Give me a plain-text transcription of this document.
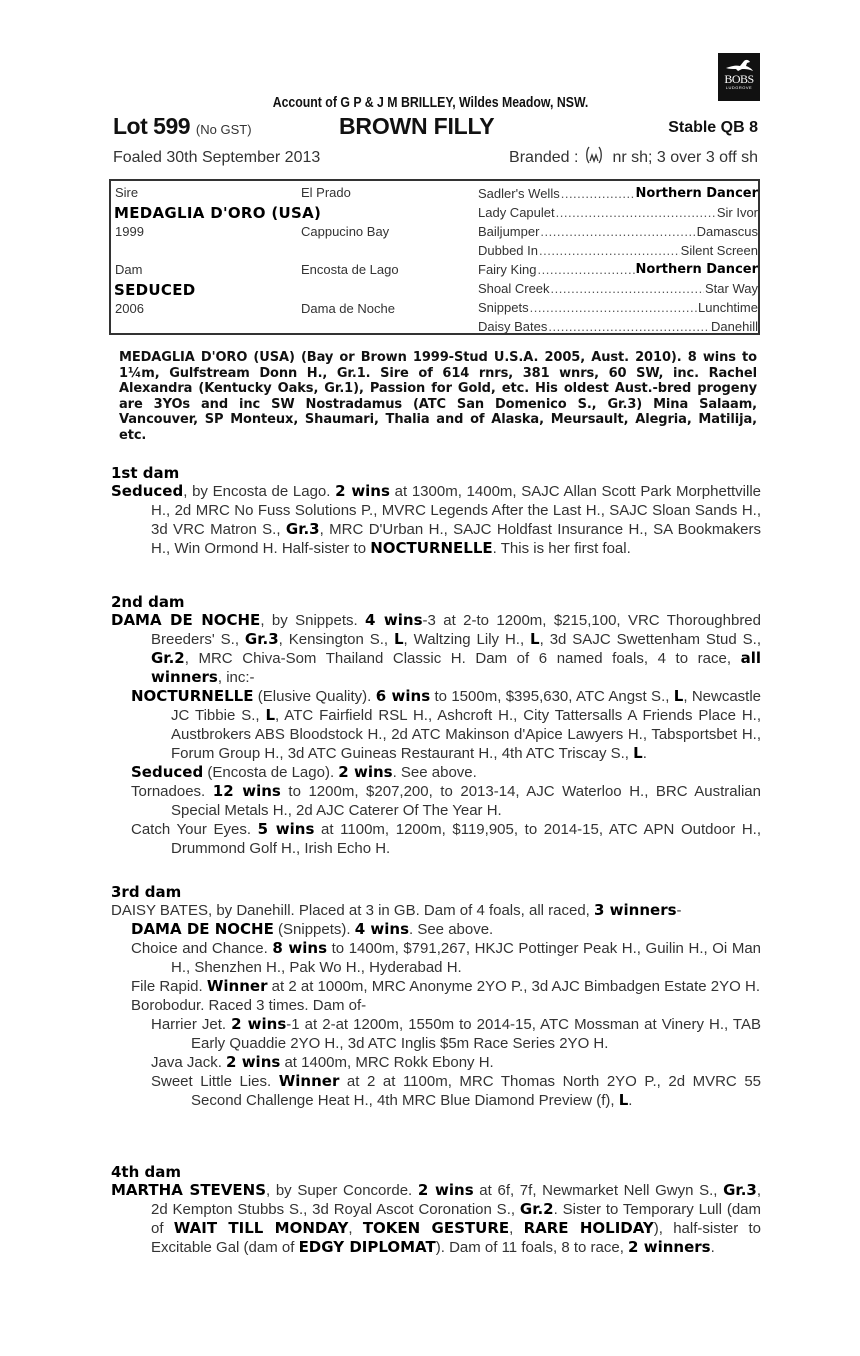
BOBS
LUDGROVE
Account of G P & J M BRILLEY, Wildes Meadow, NSW.
Lot 599 (No GST)	BROWN FILLY	Stable QB 8
Foaled 30th September 2013	Branded : nr sh; 3 over 3 off sh
Sire	El Prado
MEDAGLIA D'ORO (USA)
1999	Cappucino Bay
Dam	Encosta de Lago
SEDUCED
2006	Dama de Noche
Sadler's Wells .....	Northern Dancer
Lady Capulet .....	Sir Ivor
Bailjumper .....	Damascus
Dubbed In .....	Silent Screen
Fairy King .....	Northern Dancer
Shoal Creek .....	Star Way
Snippets .....	Lunchtime
Daisy Bates .....	Danehill
MEDAGLIA D'ORO (USA) (Bay or Brown 1999-Stud U.S.A. 2005, Aust. 2010). 8 wins to 1¼m, Gulfstream Donn H., Gr.1. Sire of 614 rnrs, 381 wnrs, 60 SW, inc. Rachel Alexandra (Kentucky Oaks, Gr.1), Passion for Gold, etc. His oldest Aust.-bred progeny are 3YOs and inc SW Nostradamus (ATC San Domenico S., Gr.3) Mina Salaam, Vancouver, SP Monteux, Shaumari, Thalia and of Alaska, Meursault, Alegria, Matilija, etc.
1st dam
Seduced, by Encosta de Lago. 2 wins at 1300m, 1400m, SAJC Allan Scott Park Morphettville H., 2d MRC No Fuss Solutions P., MVRC Legends After the Last H., SAJC Sloan Sands H., 3d VRC Matron S., Gr.3, MRC D'Urban H., SAJC Holdfast Insurance H., SA Bookmakers H., Win Ormond H. Half-sister to NOCTURNELLE. This is her first foal.
2nd dam
DAMA DE NOCHE, by Snippets. 4 wins-3 at 2-to 1200m, $215,100, VRC Thoroughbred Breeders' S., Gr.3, Kensington S., L, Waltzing Lily H., L, 3d SAJC Swettenham Stud S., Gr.2, MRC Chiva-Som Thailand Classic H. Dam of 6 named foals, 4 to race, all winners, inc:-
NOCTURNELLE (Elusive Quality). 6 wins to 1500m, $395,630, ATC Angst S., L, Newcastle JC Tibbie S., L, ATC Fairfield RSL H., Ashcroft H., City Tattersalls A Friends Place H., Austbrokers ABS Bloodstock H., 2d ATC Makinson d'Apice Lawyers H., Tabsportsbet H., Forum Group H., 3d ATC Guineas Restaurant H., 4th ATC Triscay S., L.
Seduced (Encosta de Lago). 2 wins. See above.
Tornadoes. 12 wins to 1200m, $207,200, to 2013-14, AJC Waterloo H., BRC Australian Special Metals H., 2d AJC Caterer Of The Year H.
Catch Your Eyes. 5 wins at 1100m, 1200m, $119,905, to 2014-15, ATC APN Outdoor H., Drummond Golf H., Irish Echo H.
3rd dam
DAISY BATES, by Danehill. Placed at 3 in GB. Dam of 4 foals, all raced, 3 winners-
DAMA DE NOCHE (Snippets). 4 wins. See above.
Choice and Chance. 8 wins to 1400m, $791,267, HKJC Pottinger Peak H., Guilin H., Oi Man H., Shenzhen H., Pak Wo H., Hyderabad H.
File Rapid. Winner at 2 at 1000m, MRC Anonyme 2YO P., 3d AJC Bimbadgen Estate 2YO H.
Borobodur. Raced 3 times. Dam of-
Harrier Jet. 2 wins-1 at 2-at 1200m, 1550m to 2014-15, ATC Mossman at Vinery H., TAB Early Quaddie 2YO H., 3d ATC Inglis $5m Race Series 2YO H.
Java Jack. 2 wins at 1400m, MRC Rokk Ebony H.
Sweet Little Lies. Winner at 2 at 1100m, MRC Thomas North 2YO P., 2d MVRC 55 Second Challenge Heat H., 4th MRC Blue Diamond Preview (f), L.
4th dam
MARTHA STEVENS, by Super Concorde. 2 wins at 6f, 7f, Newmarket Nell Gwyn S., Gr.3, 2d Kempton Stubbs S., 3d Royal Ascot Coronation S., Gr.2. Sister to Temporary Lull (dam of WAIT TILL MONDAY, TOKEN GESTURE, RARE HOLIDAY), half-sister to Excitable Gal (dam of EDGY DIPLOMAT). Dam of 11 foals, 8 to race, 2 winners.
